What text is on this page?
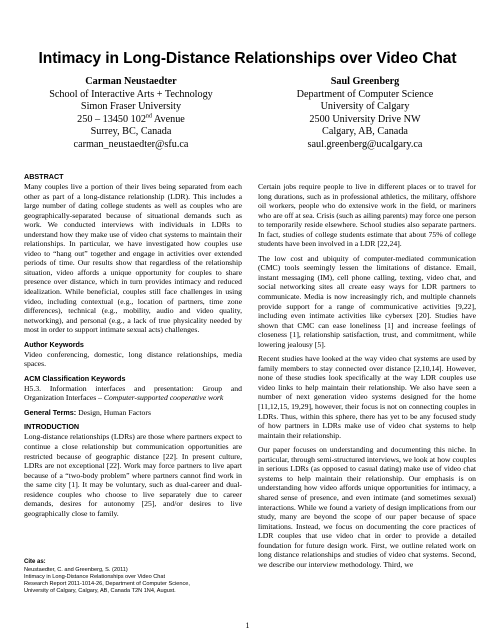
Intimacy in Long-Distance Relationships over Video Chat
Carman Neustaedter
School of Interactive Arts + Technology
Simon Fraser University
250 – 13450 102nd Avenue
Surrey, BC, Canada
carman_neustaedter@sfu.ca
Saul Greenberg
Department of Computer Science
University of Calgary
2500 University Drive NW
Calgary, AB, Canada
saul.greenberg@ucalgary.ca
ABSTRACT

Many couples live a portion of their lives being separated from each other as part of a long-distance relationship (LDR). This includes a large number of dating college students as well as couples who are geographically-separated because of situational demands such as work. We conducted interviews with individuals in LDRs to understand how they make use of video chat systems to maintain their relationships. In particular, we have investigated how couples use video to “hang out” together and engage in activities over extended periods of time. Our results show that regardless of the relationship situation, video affords a unique opportunity for couples to share presence over distance, which in turn provides intimacy and reduced idealization. While beneficial, couples still face challenges in using video, including contextual (e.g., location of partners, time zone differences), technical (e.g., mobility, audio and video quality, networking), and personal (e.g., a lack of true physicality needed by most in order to support intimate sexual acts) challenges.

Author Keywords

Video conferencing, domestic, long distance relationships, media spaces.

ACM Classification Keywords

H5.3. Information interfaces and presentation: Group and Organization Interfaces – Computer-supported cooperative work

General Terms: Design, Human Factors

INTRODUCTION

Long-distance relationships (LDRs) are those where partners expect to continue a close relationship but communication opportunities are restricted because of geographic distance [22]. In present culture, LDRs are not exceptional [22]. Work may force partners to live apart because of a “two-body problem” where partners cannot find work in the same city [1]. It may be voluntary, such as dual-career and dual-residence couples who choose to live separately due to career demands, desires for autonomy [25], and/or desires to live geographically close to family.

Certain jobs require people to live in different places or to travel for long durations, such as in professional athletics, the military, offshore oil workers, people who do extensive work in the field, or mariners who are off at sea. Crisis (such as ailing parents) may force one person to temporarily reside elsewhere. School studies also separate partners. In fact, studies of college students estimate that about 75% of college students have been involved in a LDR [22,24].

The low cost and ubiquity of computer-mediated communication (CMC) tools seemingly lessen the limitations of distance. Email, instant messaging (IM), cell phone calling, texting, video chat, and social networking sites all create easy ways for LDR partners to communicate. Media is now increasingly rich, and multiple channels provide support for a range of communicative activities [9,22], including even intimate activities like cybersex [20]. Studies have shown that CMC can ease loneliness [1] and increase feelings of closeness [1], relationship satisfaction, trust, and commitment, while lowering jealousy [5].

Recent studies have looked at the way video chat systems are used by family members to stay connected over distance [2,10,14]. However, none of these studies look specifically at the way LDR couples use video links to help maintain their relationship. We also have seen a number of next generation video systems designed for the home [11,12,15, 19,29], however, their focus is not on connecting couples in LDRs. Thus, within this sphere, there has yet to be any focused study of how partners in LDRs make use of video chat systems to help maintain their relationship.

Our paper focuses on understanding and documenting this niche. In particular, through semi-structured interviews, we look at how couples in serious LDRs (as opposed to casual dating) make use of video chat systems to help maintain their relationship. Our emphasis is on understanding how video affords unique opportunities for intimacy, a shared sense of presence, and even intimate (and sometimes sexual) interactions. While we found a variety of design implications from our study, many are beyond the scope of our paper because of space limitations. Instead, we focus on documenting the core practices of LDR couples that use video chat in order to provide a detailed foundation for future design work. First, we outline related work on long distance relationships and studies of video chat systems. Second, we describe our interview methodology. Third, we

Cite as:
Neustaedter, C. and Greenberg, S. (2011)
Intimacy in Long-Distance Relationships over Video Chat
Research Report 2011-1014-26, Department of Computer Science,
University of Calgary, Calgary, AB, Canada T2N 1N4, August.
1
